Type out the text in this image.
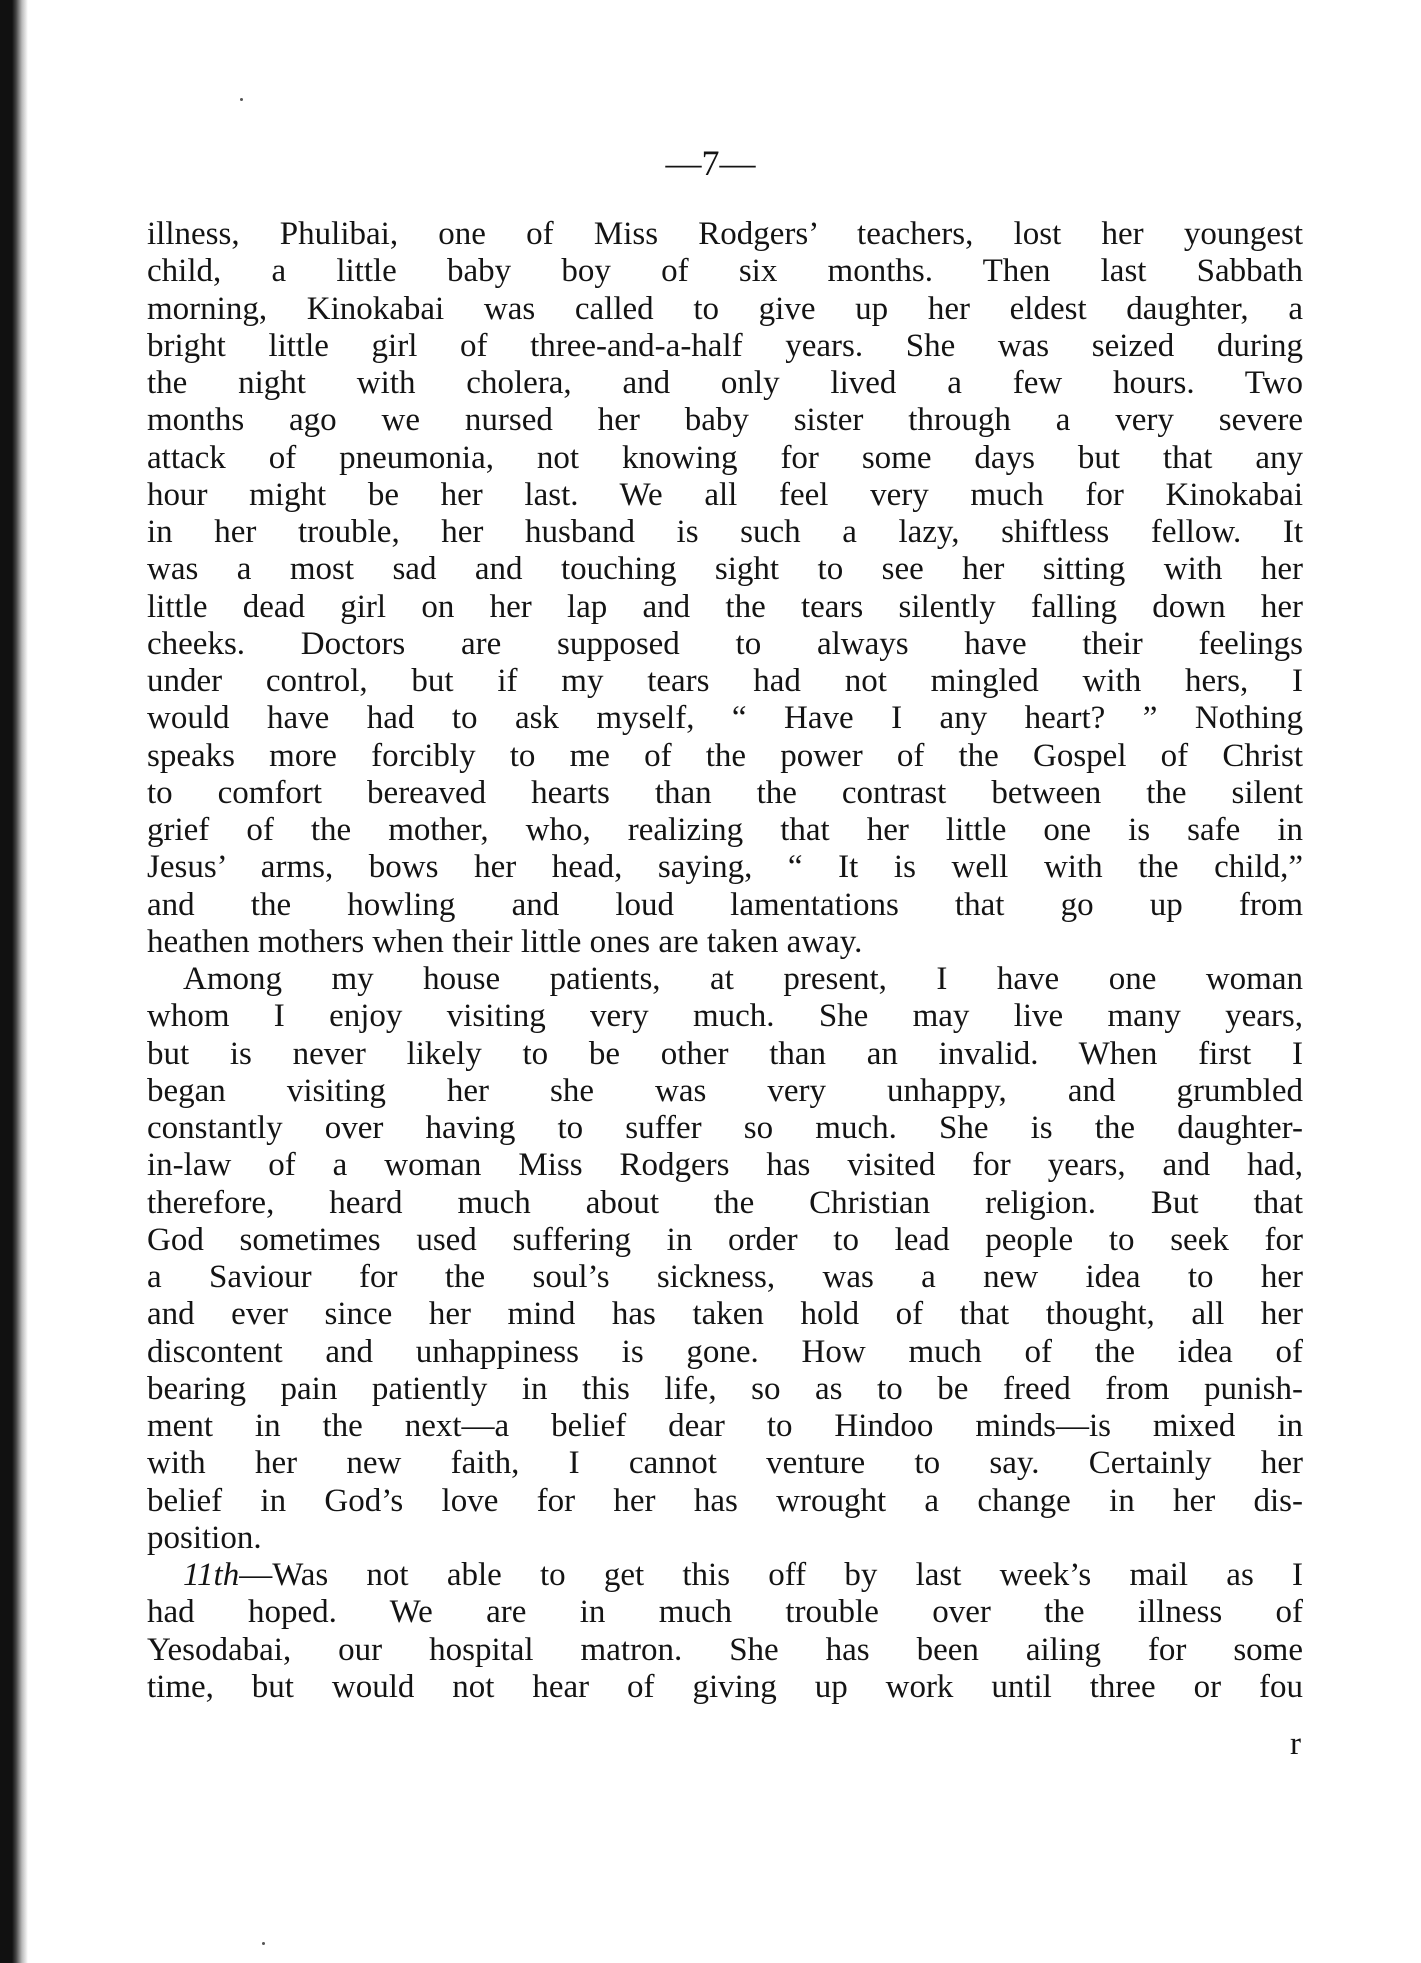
—7—
illness, Phulibai, one of Miss Rodgers’ teachers, lost her youngest
child, a little baby boy of six months. Then last Sabbath
morning, Kinokabai was called to give up her eldest daughter, a
bright little girl of three-and-a-half years. She was seized during
the night with cholera, and only lived a few hours. Two
months ago we nursed her baby sister through a very severe
attack of pneumonia, not knowing for some days but that any
hour might be her last. We all feel very much for Kinokabai
in her trouble, her husband is such a lazy, shiftless fellow. It
was a most sad and touching sight to see her sitting with her
little dead girl on her lap and the tears silently falling down her
cheeks. Doctors are supposed to always have their feelings
under control, but if my tears had not mingled with hers, I
would have had to ask myself, “ Have I any heart? ” Nothing
speaks more forcibly to me of the power of the Gospel of Christ
to comfort bereaved hearts than the contrast between the silent
grief of the mother, who, realizing that her little one is safe in
Jesus’ arms, bows her head, saying, “ It is well with the child,”
and the howling and loud lamentations that go up from
heathen mothers when their little ones are taken away.
Among my house patients, at present, I have one woman
whom I enjoy visiting very much. She may live many years,
but is never likely to be other than an invalid. When first I
began visiting her she was very unhappy, and grumbled
constantly over having to suffer so much. She is the daughter-
in-law of a woman Miss Rodgers has visited for years, and had,
therefore, heard much about the Christian religion. But that
God sometimes used suffering in order to lead people to seek for
a Saviour for the soul’s sickness, was a new idea to her
and ever since her mind has taken hold of that thought, all her
discontent and unhappiness is gone. How much of the idea of
bearing pain patiently in this life, so as to be freed from punish-
ment in the next—a belief dear to Hindoo minds—is mixed in
with her new faith, I cannot venture to say. Certainly her
belief in God’s love for her has wrought a change in her dis-
position.
11th—Was not able to get this off by last week’s mail as I
had hoped. We are in much trouble over the illness of
Yesodabai, our hospital matron. She has been ailing for some
time, but would not hear of giving up work until three or fou
r
